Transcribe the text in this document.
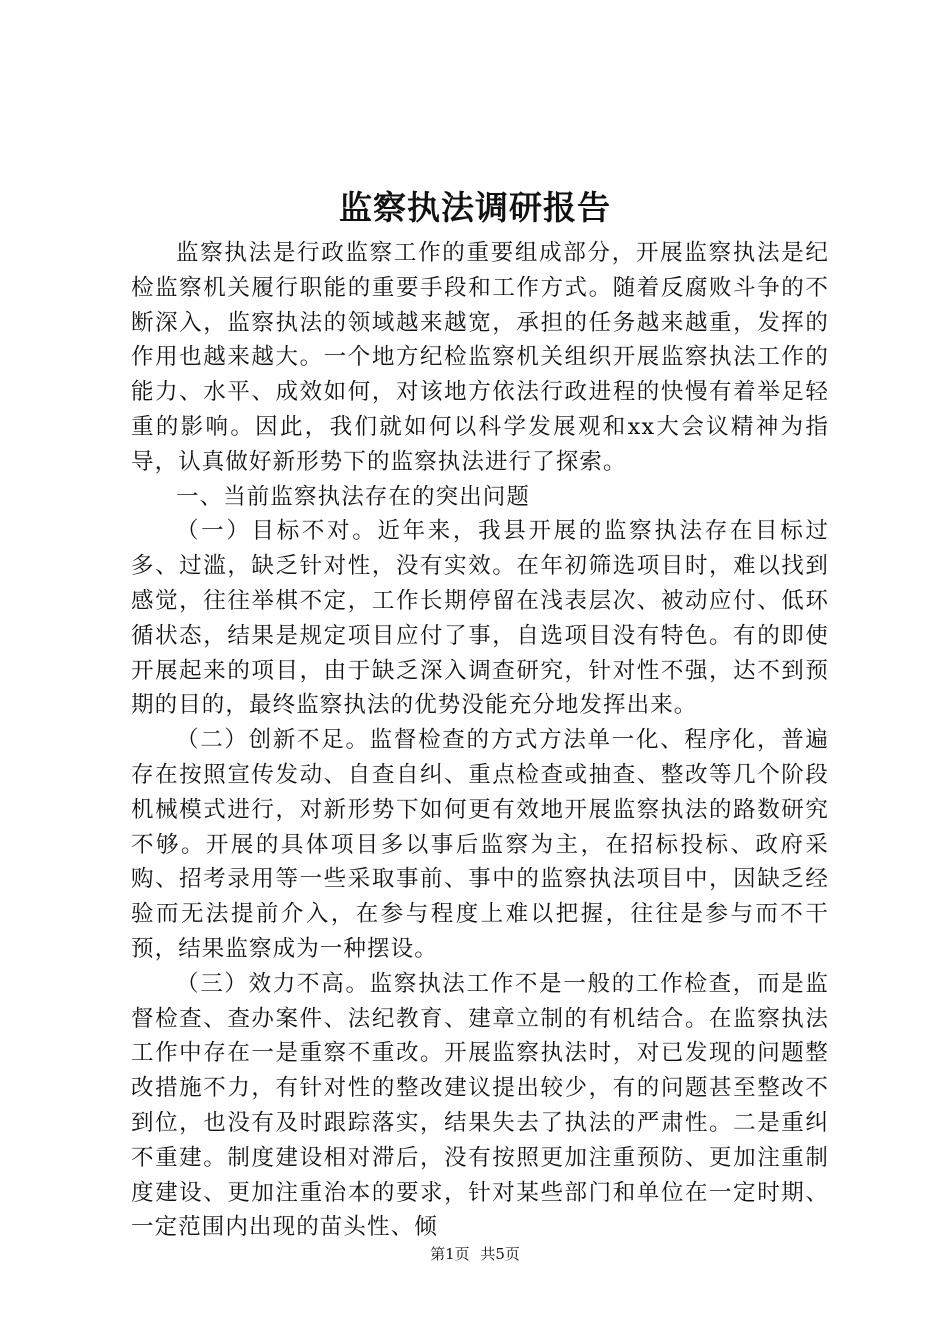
监察执法调研报告

监察执法是行政监察工作的重要组成部分，开展监察执法是纪检监察机关履行职能的重要手段和工作方式。随着反腐败斗争的不断深入，监察执法的领域越来越宽，承担的任务越来越重，发挥的作用也越来越大。一个地方纪检监察机关组织开展监察执法工作的能力、水平、成效如何，对该地方依法行政进程的快慢有着举足轻重的影响。因此，我们就如何以科学发展观和xx大会议精神为指导，认真做好新形势下的监察执法进行了探索。

一、当前监察执法存在的突出问题

（一）目标不对。近年来，我县开展的监察执法存在目标过多、过滥，缺乏针对性，没有实效。在年初筛选项目时，难以找到感觉，往往举棋不定，工作长期停留在浅表层次、被动应付、低环循状态，结果是规定项目应付了事，自选项目没有特色。有的即使开展起来的项目，由于缺乏深入调查研究，针对性不强，达不到预期的目的，最终监察执法的优势没能充分地发挥出来。

（二）创新不足。监督检查的方式方法单一化、程序化，普遍存在按照宣传发动、自查自纠、重点检查或抽查、整改等几个阶段机械模式进行，对新形势下如何更有效地开展监察执法的路数研究不够。开展的具体项目多以事后监察为主，在招标投标、政府采购、招考录用等一些采取事前、事中的监察执法项目中，因缺乏经验而无法提前介入，在参与程度上难以把握，往往是参与而不干预，结果监察成为一种摆设。

（三）效力不高。监察执法工作不是一般的工作检查，而是监督检查、查办案件、法纪教育、建章立制的有机结合。在监察执法工作中存在一是重察不重改。开展监察执法时，对已发现的问题整改措施不力，有针对性的整改建议提出较少，有的问题甚至整改不到位，也没有及时跟踪落实，结果失去了执法的严肃性。二是重纠不重建。制度建设相对滞后，没有按照更加注重预防、更加注重制度建设、更加注重治本的要求，针对某些部门和单位在一定时期、一定范围内出现的苗头性、倾

第1页 共5页
